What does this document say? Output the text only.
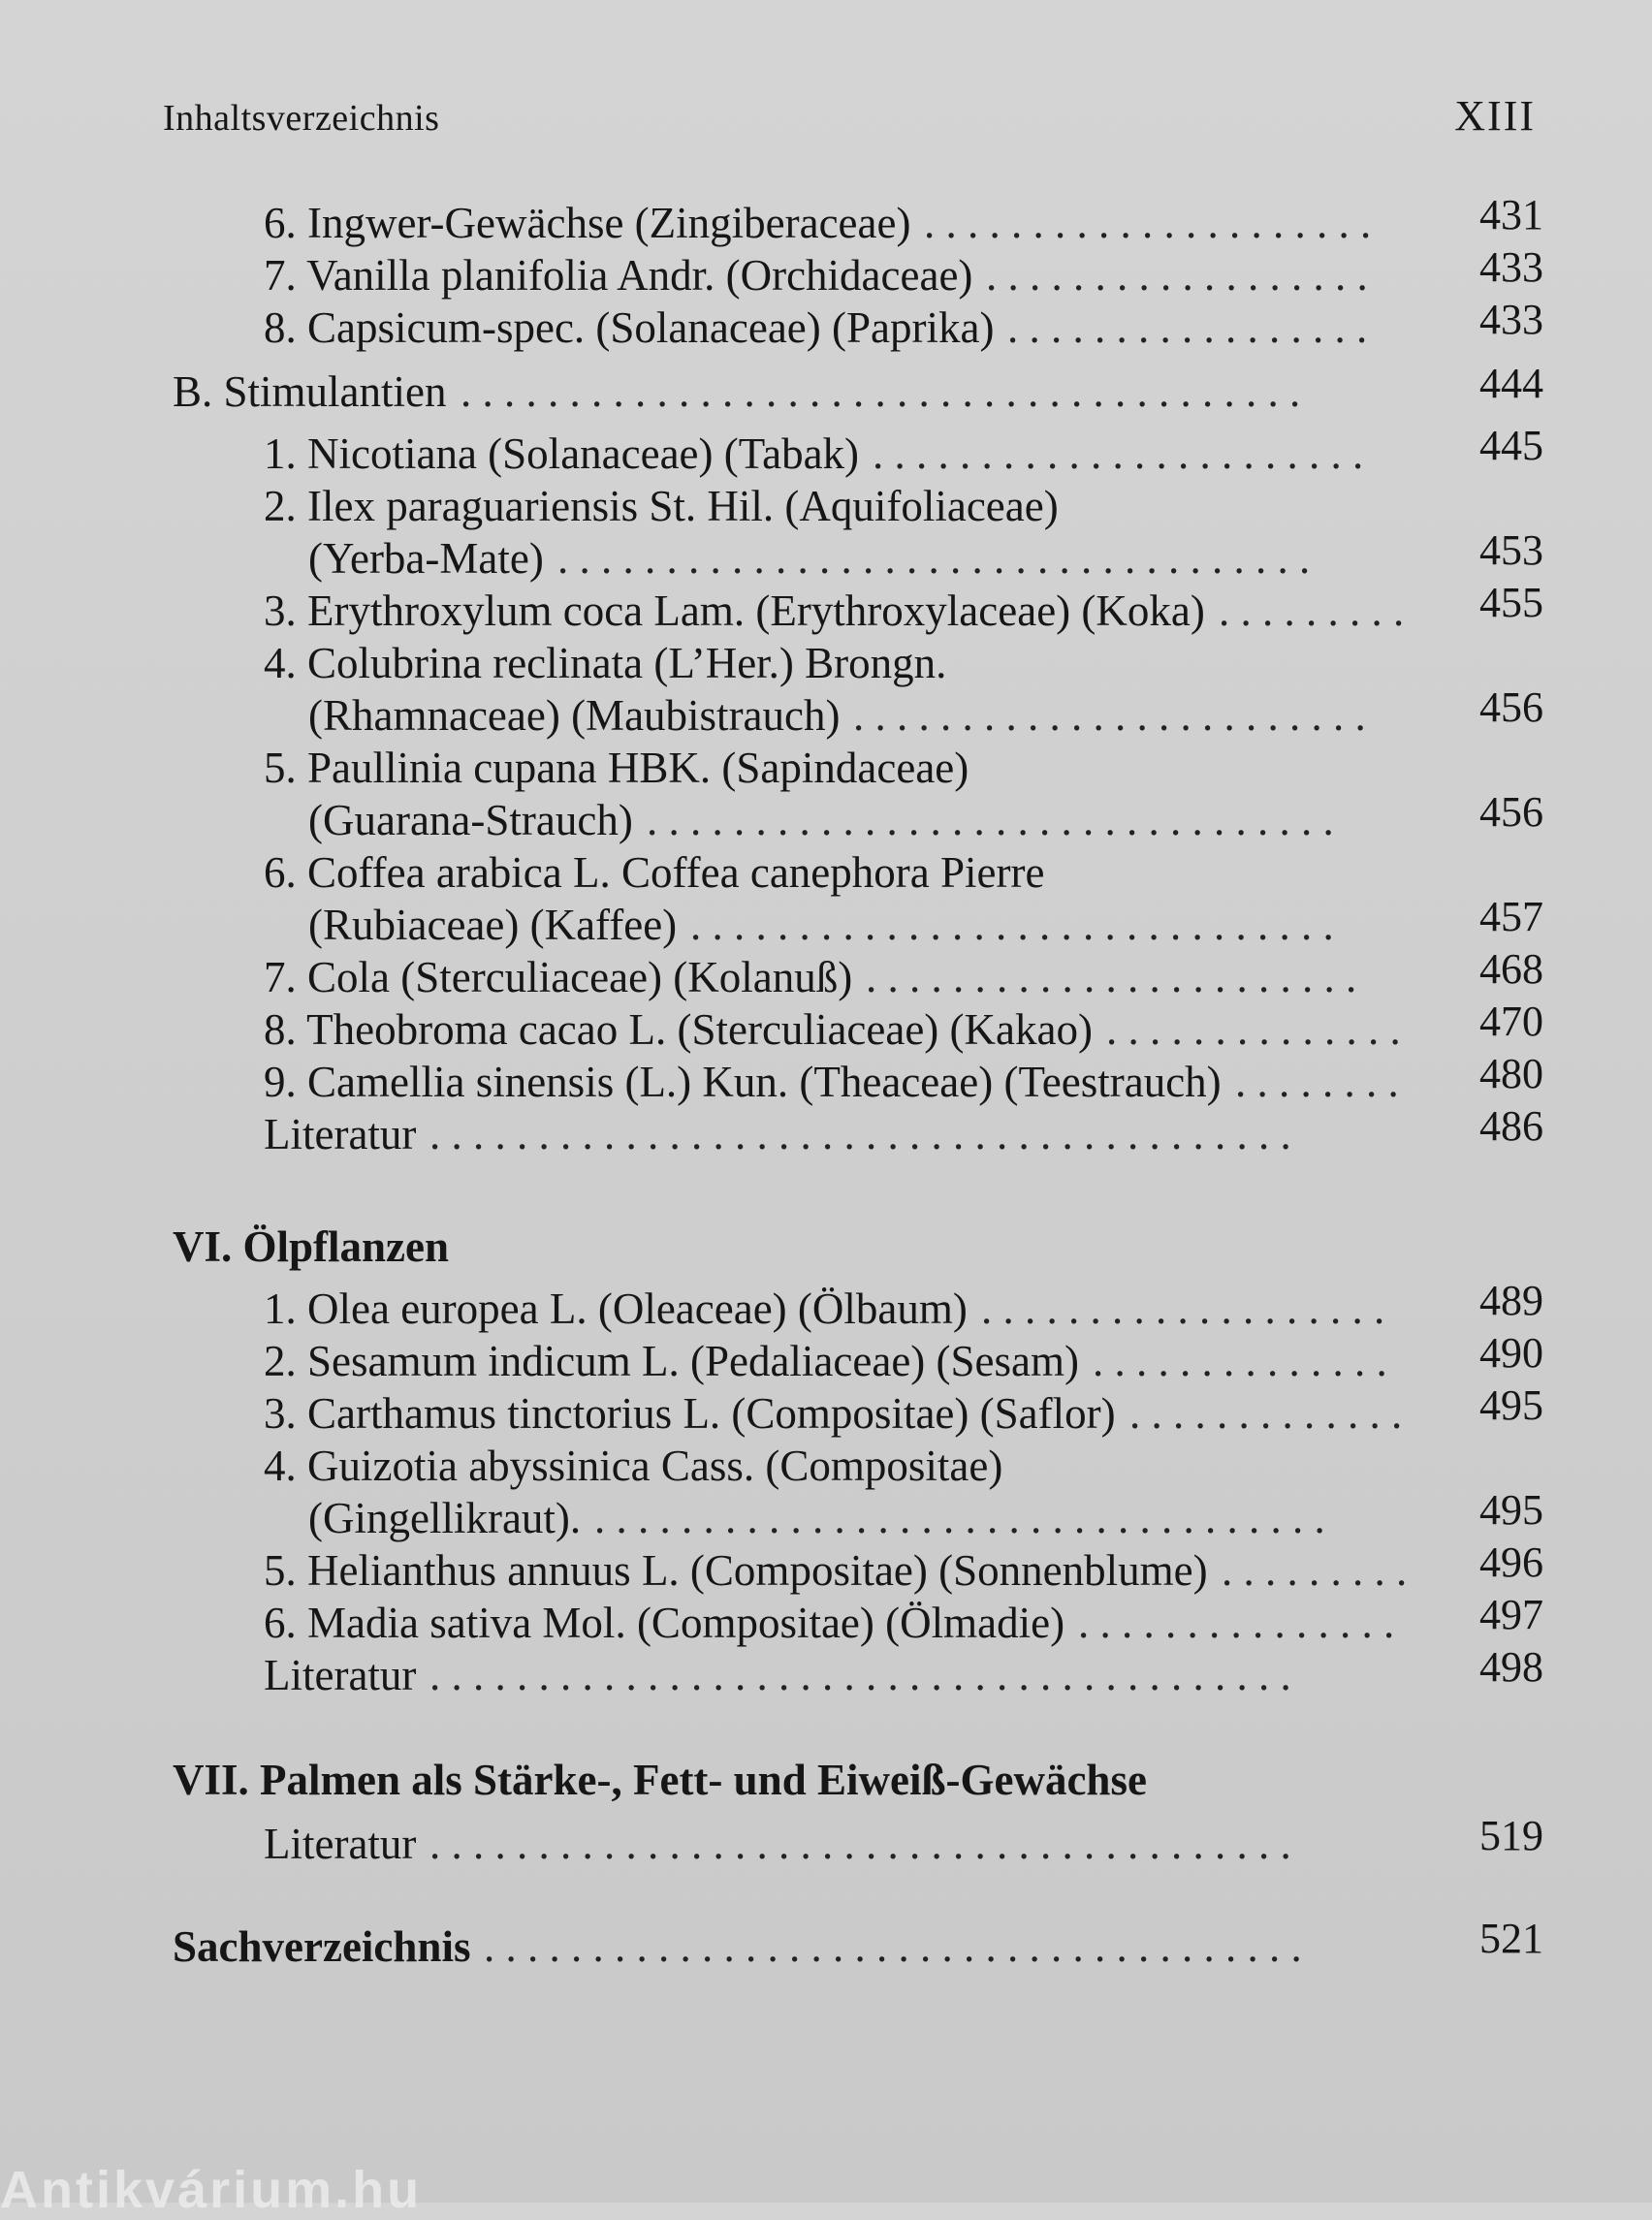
Inhaltsverzeichnis	XIII
6. Ingwer-Gewächse (Zingiberaceae) . . . . . . . . . . . . . . . . . . . . .	431
7. Vanilla planifolia Andr. (Orchidaceae) . . . . . . . . . . . . . . . . . .	433
8. Capsicum-spec. (Solanaceae) (Paprika) . . . . . . . . . . . . . . . . .	433
B. Stimulantien . . . . . . . . . . . . . . . . . . . . . . . . . . . . . . . . . . . . . . .	444
1. Nicotiana (Solanaceae) (Tabak) . . . . . . . . . . . . . . . . . . . . . . .	445
2. Ilex paraguariensis St. Hil. (Aquifoliaceae)
(Yerba-Mate) . . . . . . . . . . . . . . . . . . . . . . . . . . . . . . . . . . .	453
3. Erythroxylum coca Lam. (Erythroxylaceae) (Koka) . . . . . . . . .	455
4. Colubrina reclinata (L’Her.) Brongn.
(Rhamnaceae) (Maubistrauch) . . . . . . . . . . . . . . . . . . . . . . . .	456
5. Paullinia cupana HBK. (Sapindaceae)
(Guarana-Strauch) . . . . . . . . . . . . . . . . . . . . . . . . . . . . . . . .	456
6. Coffea arabica L. Coffea canephora Pierre
(Rubiaceae) (Kaffee) . . . . . . . . . . . . . . . . . . . . . . . . . . . . . .	457
7. Cola (Sterculiaceae) (Kolanuß) . . . . . . . . . . . . . . . . . . . . . . .	468
8. Theobroma cacao L. (Sterculiaceae) (Kakao) . . . . . . . . . . . . . .	470
9. Camellia sinensis (L.) Kun. (Theaceae) (Teestrauch) . . . . . . . .	480
Literatur . . . . . . . . . . . . . . . . . . . . . . . . . . . . . . . . . . . . . . . .	486
VI. Ölpflanzen
1. Olea europea L. (Oleaceae) (Ölbaum) . . . . . . . . . . . . . . . . . . .	489
2. Sesamum indicum L. (Pedaliaceae) (Sesam) . . . . . . . . . . . . . .	490
3. Carthamus tinctorius L. (Compositae) (Saflor) . . . . . . . . . . . . .	495
4. Guizotia abyssinica Cass. (Compositae)
(Gingellikraut). . . . . . . . . . . . . . . . . . . . . . . . . . . . . . . . . . .	495
5. Helianthus annuus L. (Compositae) (Sonnenblume) . . . . . . . . .	496
6. Madia sativa Mol. (Compositae) (Ölmadie) . . . . . . . . . . . . . . .	497
Literatur . . . . . . . . . . . . . . . . . . . . . . . . . . . . . . . . . . . . . . . .	498
VII. Palmen als Stärke-, Fett- und Eiweiß-Gewächse
Literatur . . . . . . . . . . . . . . . . . . . . . . . . . . . . . . . . . . . . . . . .	519
Sachverzeichnis . . . . . . . . . . . . . . . . . . . . . . . . . . . . . . . . . . . . . .	521
Antikvárium.hu
